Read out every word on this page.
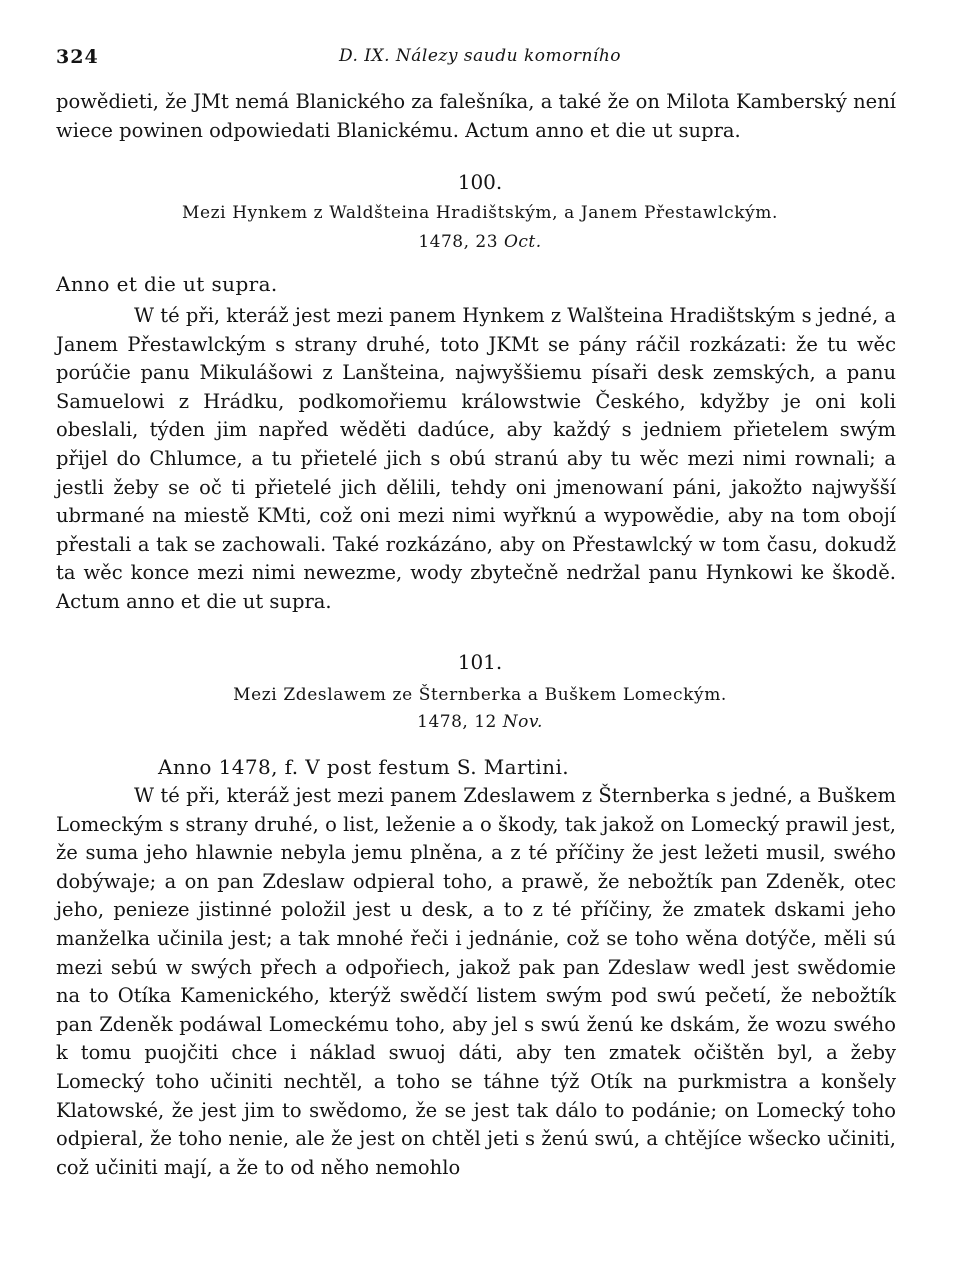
324	D. IX. Nálezy saudu komorního

powědieti, že JMt nemá Blanického za falešníka, a také že on Milota Kamberský není wiece powinen odpowiedati Blanickému. Actum anno et die ut supra.

100.
Mezi Hynkem z Waldšteina Hradištským, a Janem Přestawlckým.
1478, 23 Oct.
Anno et die ut supra.

W té při, kteráž jest mezi panem Hynkem z Walšteina Hradištským s jedné, a Janem Přestawlckým s strany druhé, toto JKMt se pány ráčil rozkázati: že tu wěc porúčie panu Mikulášowi z Lanšteina, najwyššiemu písaři desk zemských, a panu Samuelowi z Hrádku, podkomořiemu králowstwie Českého, kdyžby je oni koli obeslali, týden jim napřed wěděti dadúce, aby každý s jedniem přietelem swým přijel do Chlumce, a tu přietelé jich s obú stranú aby tu wěc mezi nimi rownali; a jestli žeby se oč ti přietelé jich dělili, tehdy oni jmenowaní páni, jakožto najwyšší ubrmané na miestě KMti, což oni mezi nimi wyřknú a wypowědie, aby na tom obojí přestali a tak se zachowali. Také rozkázáno, aby on Přestawlcký w tom času, dokudž ta wěc konce mezi nimi newezme, wody zbytečně nedržal panu Hynkowi ke škodě. Actum anno et die ut supra.

101.
Mezi Zdeslawem ze Šternberka a Buškem Lomeckým.
1478, 12 Nov.
Anno 1478, f. V post festum S. Martini.

W té při, kteráž jest mezi panem Zdeslawem z Šternberka s jedné, a Buškem Lomeckým s strany druhé, o list, leženie a o škody, tak jakož on Lomecký prawil jest, že suma jeho hlawnie nebyla jemu plněna, a z té příčiny že jest ležeti musil, swého dobýwaje; a on pan Zdeslaw odpieral toho, a prawě, že nebožtík pan Zdeněk, otec jeho, penieze jistinné položil jest u desk, a to z té příčiny, že zmatek dskami jeho manželka učinila jest; a tak mnohé řeči i jednánie, což se toho wěna dotýče, měli sú mezi sebú w swých přech a odpořiech, jakož pak pan Zdeslaw wedl jest swědomie na to Otíka Kamenického, kterýž swědčí listem swým pod swú pečetí, že nebožtík pan Zdeněk podáwal Lomeckému toho, aby jel s swú ženú ke dskám, že wozu swého k tomu puojčiti chce i náklad swuoj dáti, aby ten zmatek očištěn byl, a žeby Lomecký toho učiniti nechtěl, a toho se táhne týž Otík na purkmistra a konšely Klatowské, že jest jim to swědomo, že se jest tak dálo to podánie; on Lomecký toho odpieral, že toho nenie, ale že jest on chtěl jeti s ženú swú, a chtějíce wšecko učiniti, což učiniti mají, a že to od něho nemohlo
